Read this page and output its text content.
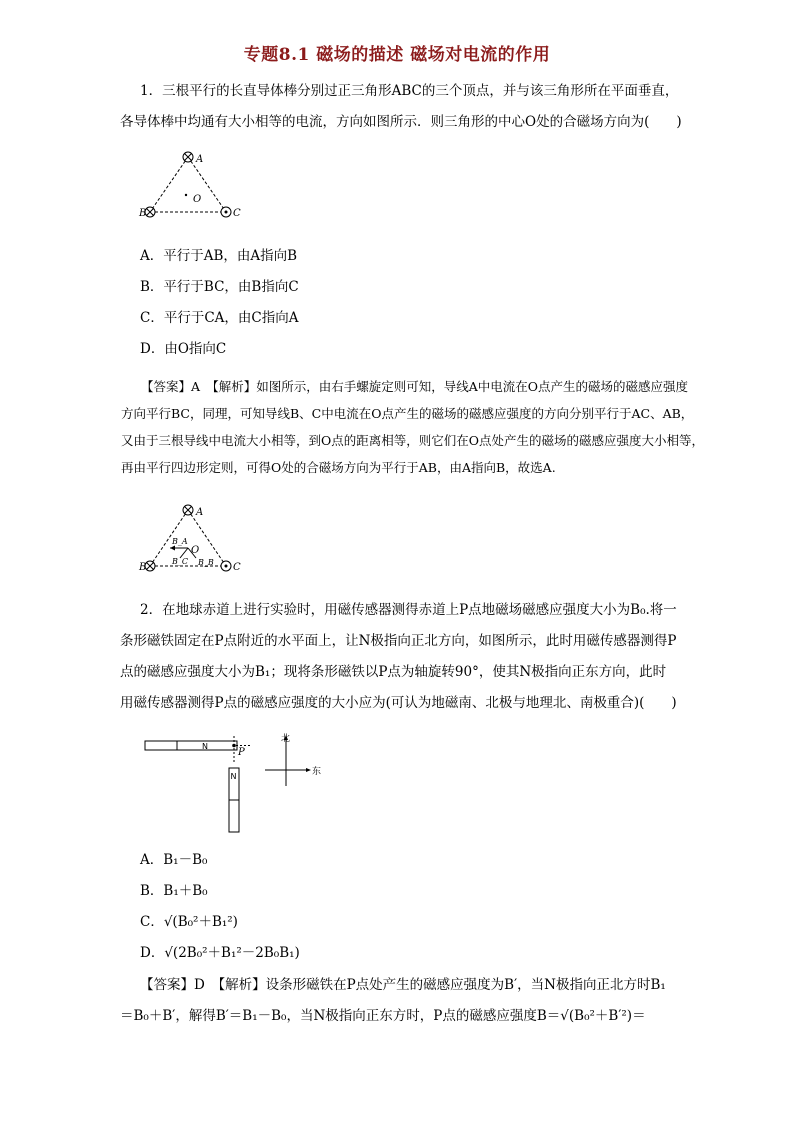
专题8.1 磁场的描述 磁场对电流的作用
1．三根平行的长直导体棒分别过正三角形ABC的三个顶点，并与该三角形所在平面垂直，
各导体棒中均通有大小相等的电流，方向如图所示．则三角形的中心O处的合磁场方向为(　　)
A
B	C
O
A．平行于AB，由A指向B
B．平行于BC，由B指向C
C．平行于CA，由C指向A
D．由O指向C
【答案】A　【解析】如图所示，由右手螺旋定则可知，导线A中电流在O点产生的磁场的磁感应强度
方向平行BC，同理，可知导线B、C中电流在O点产生的磁场的磁感应强度的方向分别平行于AC、AB，
又由于三根导线中电流大小相等，到O点的距离相等，则它们在O点处产生的磁场的磁感应强度大小相等，
再由平行四边形定则，可得O处的合磁场方向为平行于AB，由A指向B，故选A.
A
B	C
O
B_A
B_C B_B
2．在地球赤道上进行实验时，用磁传感器测得赤道上P点地磁场磁感应强度大小为B₀.将一
条形磁铁固定在P点附近的水平面上，让N极指向正北方向，如图所示，此时用磁传感器测得P
点的磁感应强度大小为B₁；现将条形磁铁以P点为轴旋转90°，使其N极指向正东方向，此时
用磁传感器测得P点的磁感应强度的大小应为(可认为地磁南、北极与地理北、南极重合)(　　)
N
P
N
北
东
A．B₁－B₀
B．B₁＋B₀
C．√(B₀²＋B₁²)
D．√(2B₀²＋B₁²－2B₀B₁)
【答案】D　【解析】设条形磁铁在P点处产生的磁感应强度为B′，当N极指向正北方时B₁
＝B₀＋B′，解得B′＝B₁－B₀，当N极指向正东方时，P点的磁感应强度B＝√(B₀²＋B′²)＝
